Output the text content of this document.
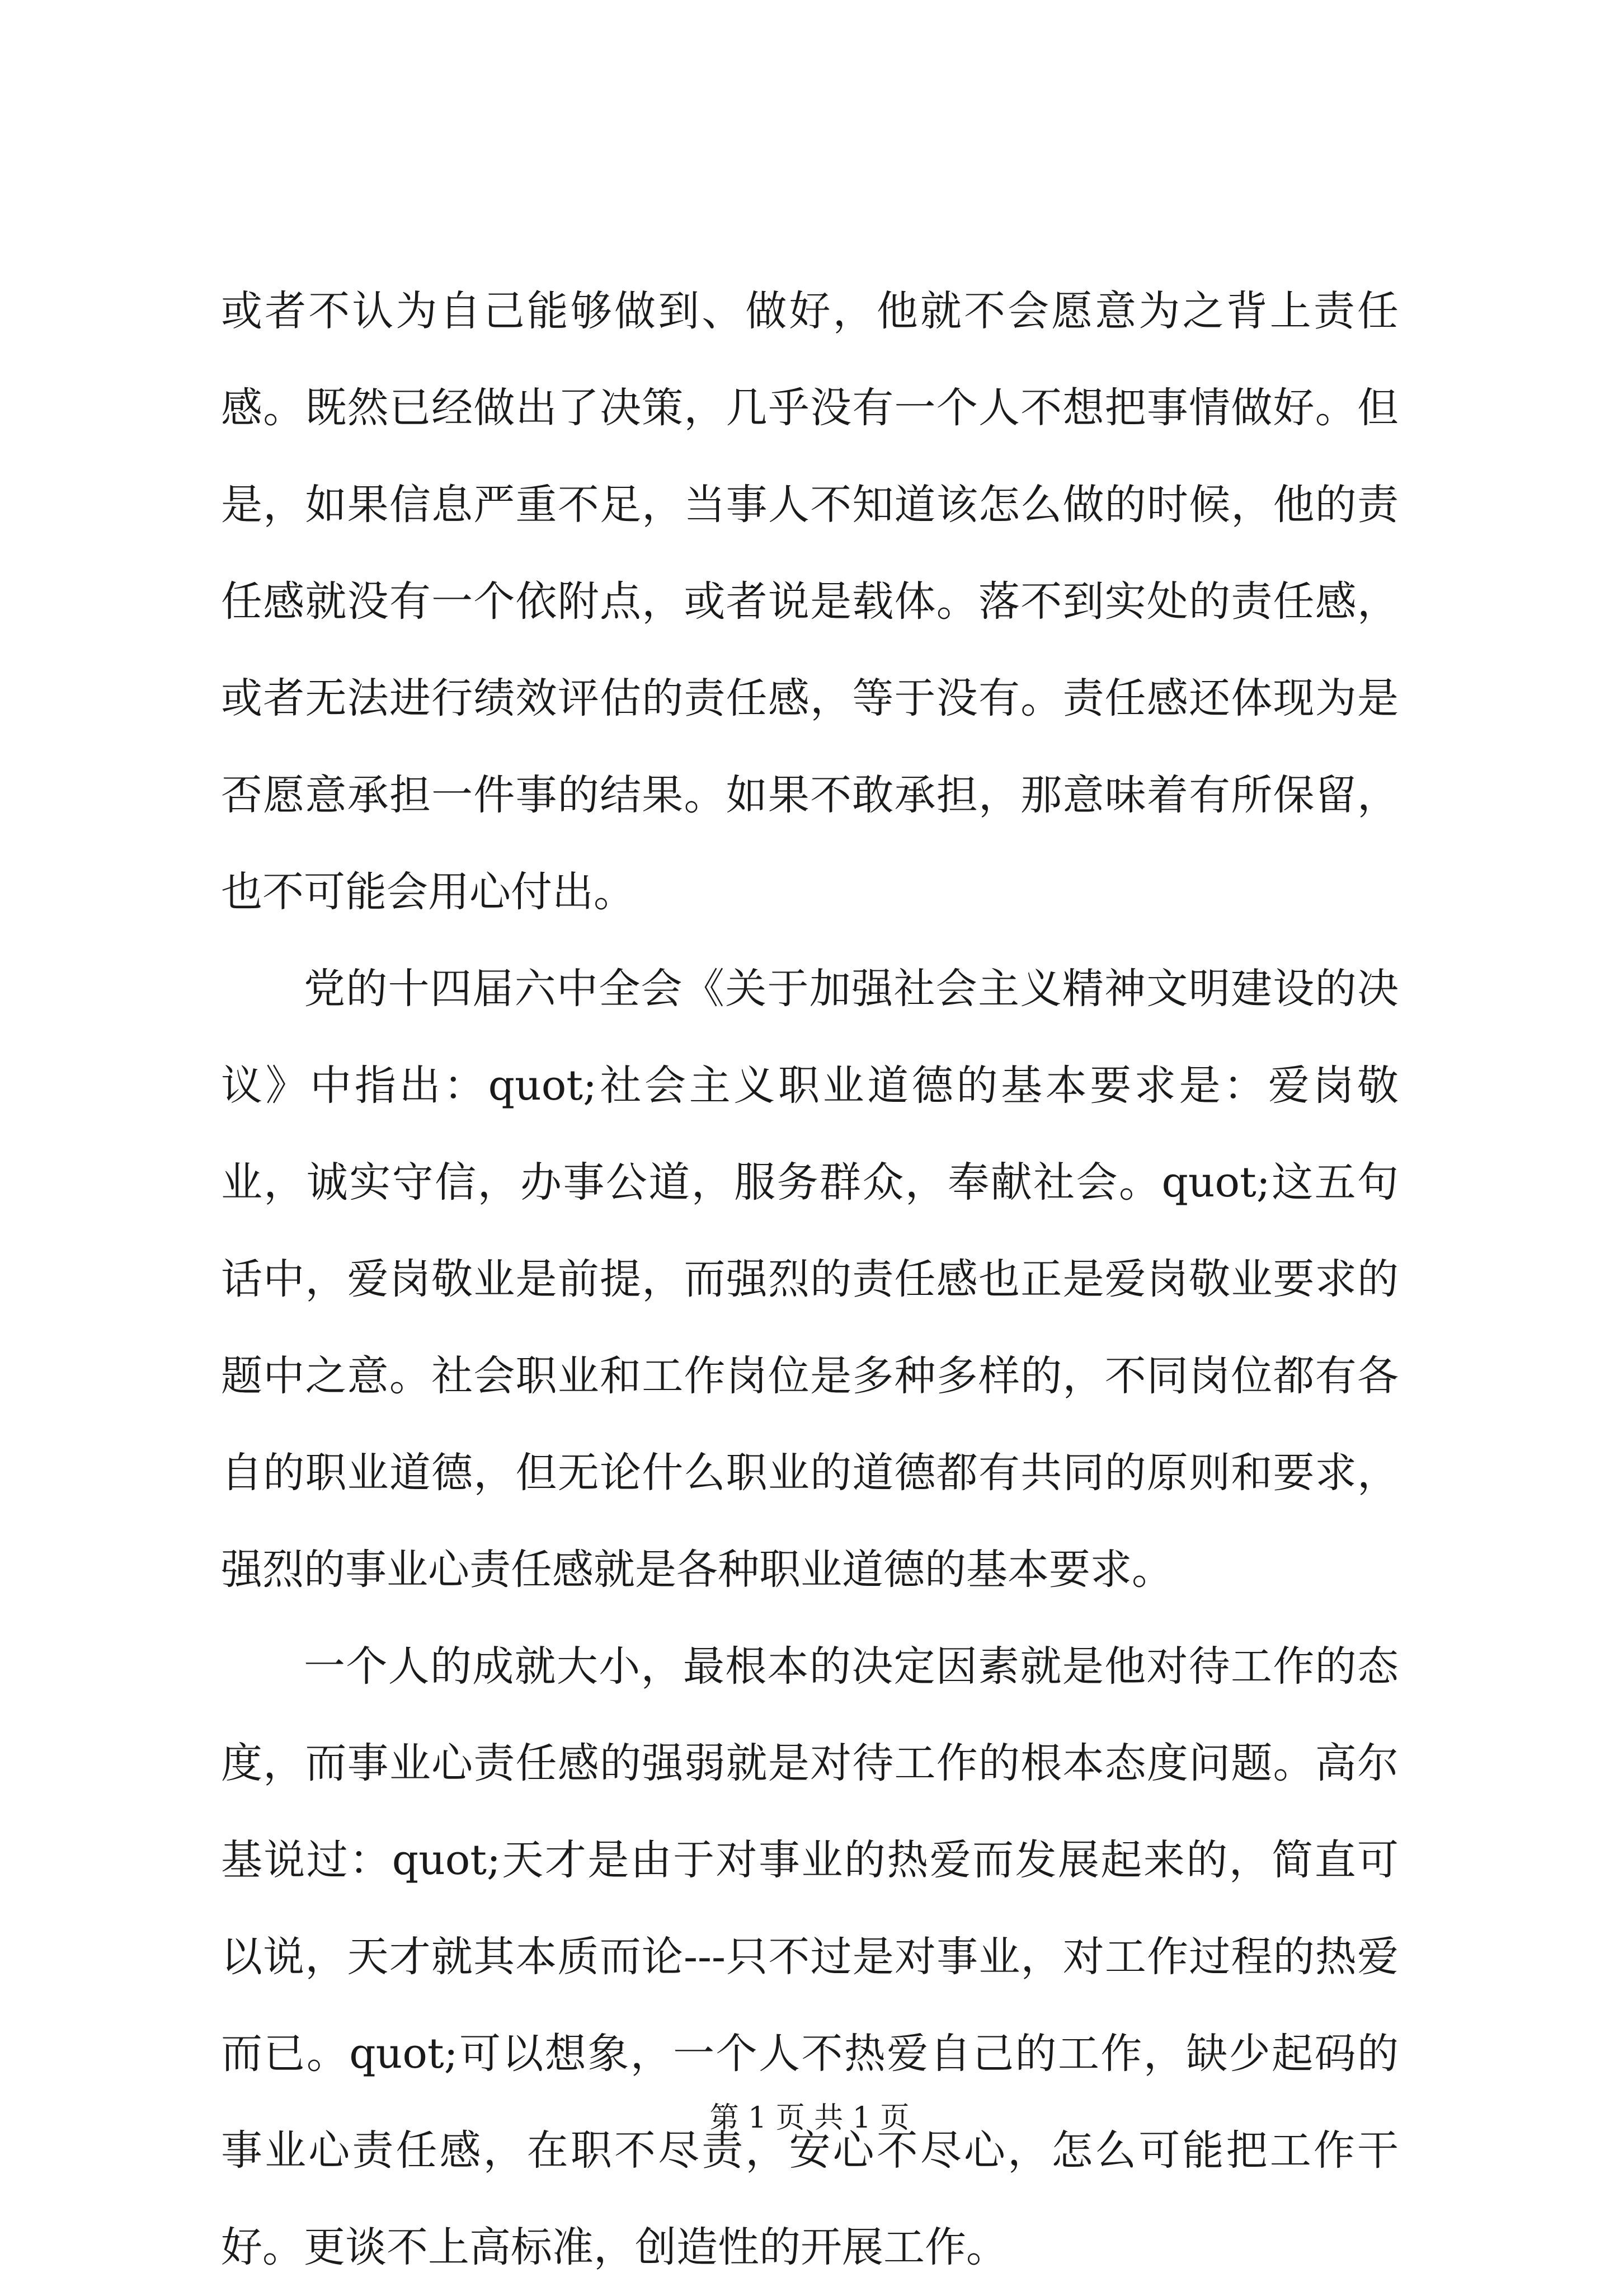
或者不认为自己能够做到、做好，他就不会愿意为之背上责任感。既然已经做出了决策，几乎没有一个人不想把事情做好。但是，如果信息严重不足，当事人不知道该怎么做的时候，他的责任感就没有一个依附点，或者说是载体。落不到实处的责任感，或者无法进行绩效评估的责任感，等于没有。责任感还体现为是否愿意承担一件事的结果。如果不敢承担，那意味着有所保留，也不可能会用心付出。

党的十四届六中全会《关于加强社会主义精神文明建设的决议》中指出：quot;社会主义职业道德的基本要求是：爱岗敬业，诚实守信，办事公道，服务群众，奉献社会。quot;这五句话中，爱岗敬业是前提，而强烈的责任感也正是爱岗敬业要求的题中之意。社会职业和工作岗位是多种多样的，不同岗位都有各自的职业道德，但无论什么职业的道德都有共同的原则和要求，强烈的事业心责任感就是各种职业道德的基本要求。

一个人的成就大小，最根本的决定因素就是他对待工作的态度，而事业心责任感的强弱就是对待工作的根本态度问题。高尔基说过：quot;天才是由于对事业的热爱而发展起来的，简直可以说，天才就其本质而论---只不过是对事业，对工作过程的热爱而已。quot;可以想象，一个人不热爱自己的工作，缺少起码的事业心责任感，在职不尽责，安心不尽心，怎么可能把工作干好。更谈不上高标准，创造性的开展工作。

第 1 页 共 1 页
